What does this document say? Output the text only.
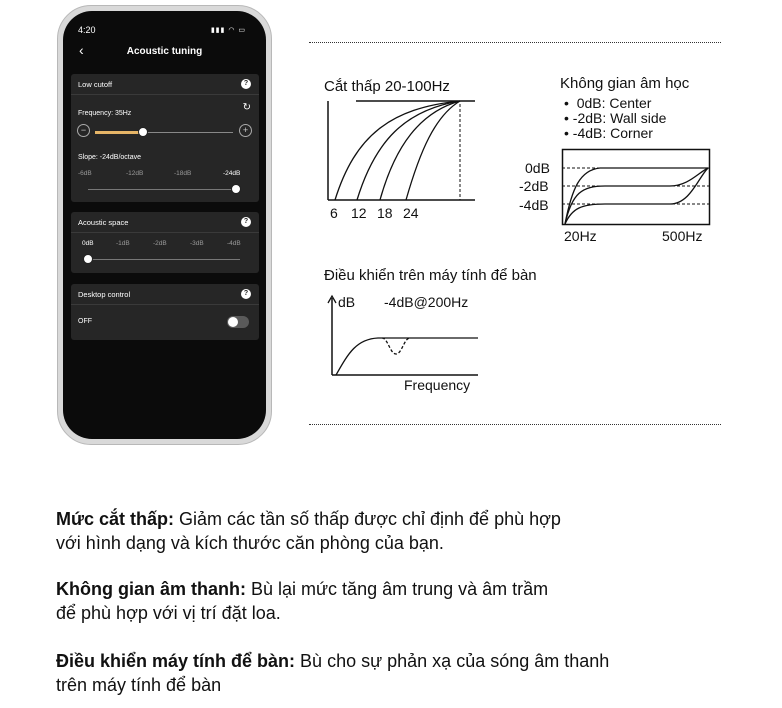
4:20	▮▮▮ ◠ ▭
‹	Acoustic tuning
Low cutoff	?
Frequency: 35Hz
↻
−	+
Slope: -24dB/octave
-6dB	-12dB	-18dB	-24dB
Acoustic space	?
0dB	-1dB	-2dB	-3dB	-4dB
Desktop control	?
OFF
Cắt thấp 20-100Hz
6 12 18 24
Không gian âm học
•  0dB: Center
• -2dB: Wall side
• -4dB: Corner
0dB
-2dB
-4dB
20Hz	500Hz
Điều khiển trên máy tính để bàn
dB -4dB@200Hz
Frequency
Mức cắt thấp: Giảm các tần số thấp được chỉ định để phù hợp
với hình dạng và kích thước căn phòng của bạn.
Không gian âm thanh: Bù lại mức tăng âm trung và âm trầm
để phù hợp với vị trí đặt loa.
Điều khiển máy tính để bàn: Bù cho sự phản xạ của sóng âm thanh
trên máy tính để bàn
